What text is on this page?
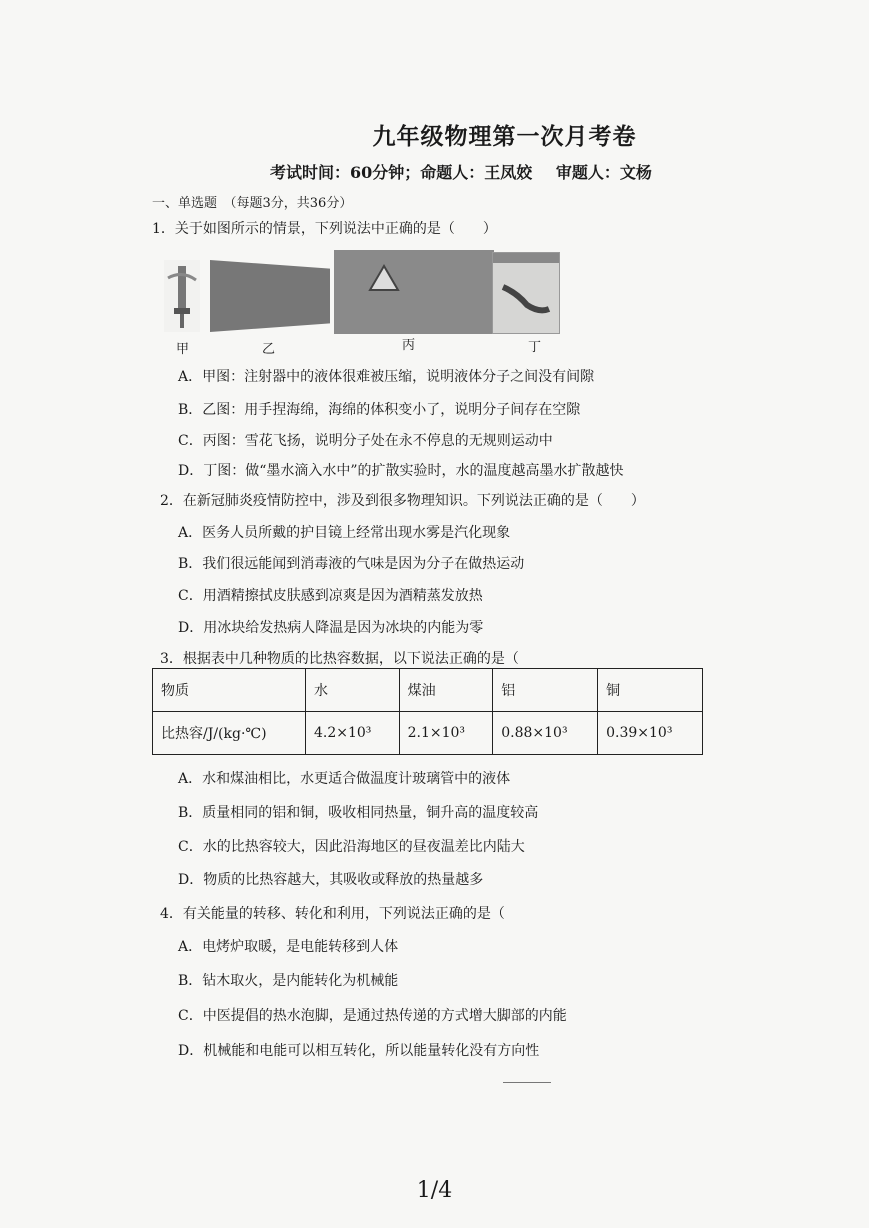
九年级物理第一次月考卷
考试时间：60分钟；命题人：王凤姣 审题人：文杨
一、单选题　（每题3分，共36分）
1．关于如图所示的情景，下列说法中正确的是（　　）
甲	乙	丙	丁
A．甲图：注射器中的液体很难被压缩，说明液体分子之间没有间隙
B．乙图：用手捏海绵，海绵的体积变小了，说明分子间存在空隙
C．丙图：雪花飞扬，说明分子处在永不停息的无规则运动中
D．丁图：做“墨水滴入水中”的扩散实验时，水的温度越高墨水扩散越快
2．在新冠肺炎疫情防控中，涉及到很多物理知识。下列说法正确的是（　　）
A．医务人员所戴的护目镜上经常出现水雾是汽化现象
B．我们很远能闻到消毒液的气味是因为分子在做热运动
C．用酒精擦拭皮肤感到凉爽是因为酒精蒸发放热
D．用冰块给发热病人降温是因为冰块的内能为零
3．根据表中几种物质的比热容数据，以下说法正确的是（
物质	水	煤油	铝	铜
比热容/J/(kg·℃)	4.2×10³	2.1×10³	0.88×10³	0.39×10³
A．水和煤油相比，水更适合做温度计玻璃管中的液体
B．质量相同的铝和铜，吸收相同热量，铜升高的温度较高
C．水的比热容较大，因此沿海地区的昼夜温差比内陆大
D．物质的比热容越大，其吸收或释放的热量越多
4．有关能量的转移、转化和利用，下列说法正确的是（
A．电烤炉取暖，是电能转移到人体
B．钻木取火，是内能转化为机械能
C．中医提倡的热水泡脚，是通过热传递的方式增大脚部的内能
D．机械能和电能可以相互转化，所以能量转化没有方向性
1/4
